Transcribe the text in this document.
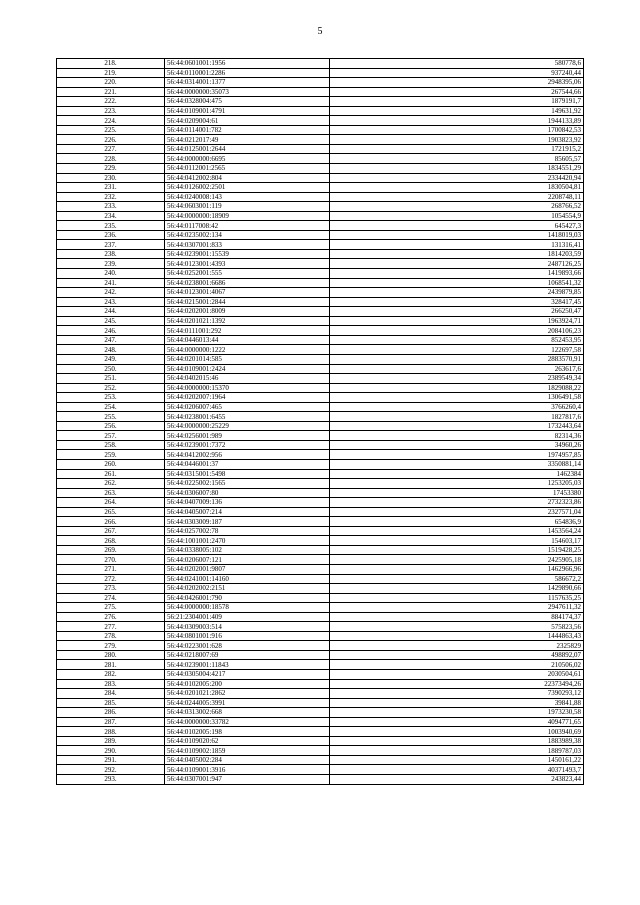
5
218.	56:44:0601001:1956	580778,6
219.	56:44:0110001:2286	937240,44
220.	56:44:0314001:1377	2948395,06
221.	56:44:0000000:35073	267544,66
222.	56:44:0328004:475	1879191,7
223.	56:44:0109001:4791	149631,92
224.	56:44:0209004:61	1944133,89
225.	56:44:0114001:782	1700842,53
226.	56:44:0212017:49	1903823,92
227.	56:44:0125001:2644	1721915,2
228.	56:44:0000000:6695	85605,57
229.	56:44:0112001:2565	1834551,29
230.	56:44:0412002:804	2334420,94
231.	56:44:0126002:2501	1830504,81
232.	56:44:0240008:143	2208748,11
233.	56:44:0603001:119	268766,52
234.	56:44:0000000:18909	1054554,9
235.	56:44:0117008:42	645427,3
236.	56:44:0235002:134	1418019,03
237.	56:44:0307001:833	131316,41
238.	56:44:0239001:15539	1814203,59
239.	56:44:0123001:4393	2487126,25
240.	56:44:0252001:555	1419893,66
241.	56:44:0238001:6686	1068541,32
242.	56:44:0123001:4067	2439879,85
243.	56:44:0215001:2844	328417,45
244.	56:44:0202001:8009	266250,47
245.	56:44:0201021:1392	1963924,71
246.	56:44:0111001:292	2084106,23
247.	56:44:0446013:44	852453,95
248.	56:44:0000000:1222	122697,58
249.	56:44:0201014:585	2883570,91
250.	56:44:0109001:2424	263617,6
251.	56:44:0402015:46	2389549,34
252.	56:44:0000000:15370	1829088,22
253.	56:44:0202007:1964	1306491,58
254.	56:44:0206007:465	3766260,4
255.	56:44:0238001:6455	1827817,6
256.	56:44:0000000:25229	1732443,64
257.	56:44:0256001:989	82314,36
258.	56:44:0239001:7372	34960,26
259.	56:44:0412002:956	1974957,85
260.	56:44:0446001:37	3350881,14
261.	56:44:0315001:5498	1462384
262.	56:44:0225002:1565	1253205,03
263.	56:44:0306007:80	17453380
264.	56:44:0407009:136	2732323,86
265.	56:44:0405007:214	2327571,04
266.	56:44:0303009:187	654836,9
267.	56:44:0257002:78	1453564,24
268.	56:44:1001001:2470	154603,17
269.	56:44:0338005:102	1519428,25
270.	56:44:0206007:121	2425905,18
271.	56:44:0202001:9807	1462966,96
272.	56:44:0241001:14160	586672,2
273.	56:44:0202002:2151	1429890,66
274.	56:44:0426001:790	1157635,25
275.	56:44:0000000:18578	2947611,32
276.	56:21:2304001:409	884174,37
277.	56:44:0309003:514	575823,56
278.	56:44:0801001:916	1444863,43
279.	56:44:0223001:628	2325829
280.	56:44:0218007:69	498892,07
281.	56:44:0239001:11843	210506,02
282.	56:44:0305004:4217	2030504,61
283.	56:44:0102005:200	22373494,26
284.	56:44:0201021:2862	7390293,12
285.	56:44:0244005:3991	39841,88
286.	56:44:0313002:668	1973230,58
287.	56:44:0000000:33782	4094771,65
288.	56:44:0102005:198	1003940,69
289.	56:44:0109020:62	1883989,38
290.	56:44:0109002:1859	1889787,03
291.	56:44:0405002:284	1450161,22
292.	56:44:0109001:3916	40371493,7
293.	56:44:0307001:947	243823,44
